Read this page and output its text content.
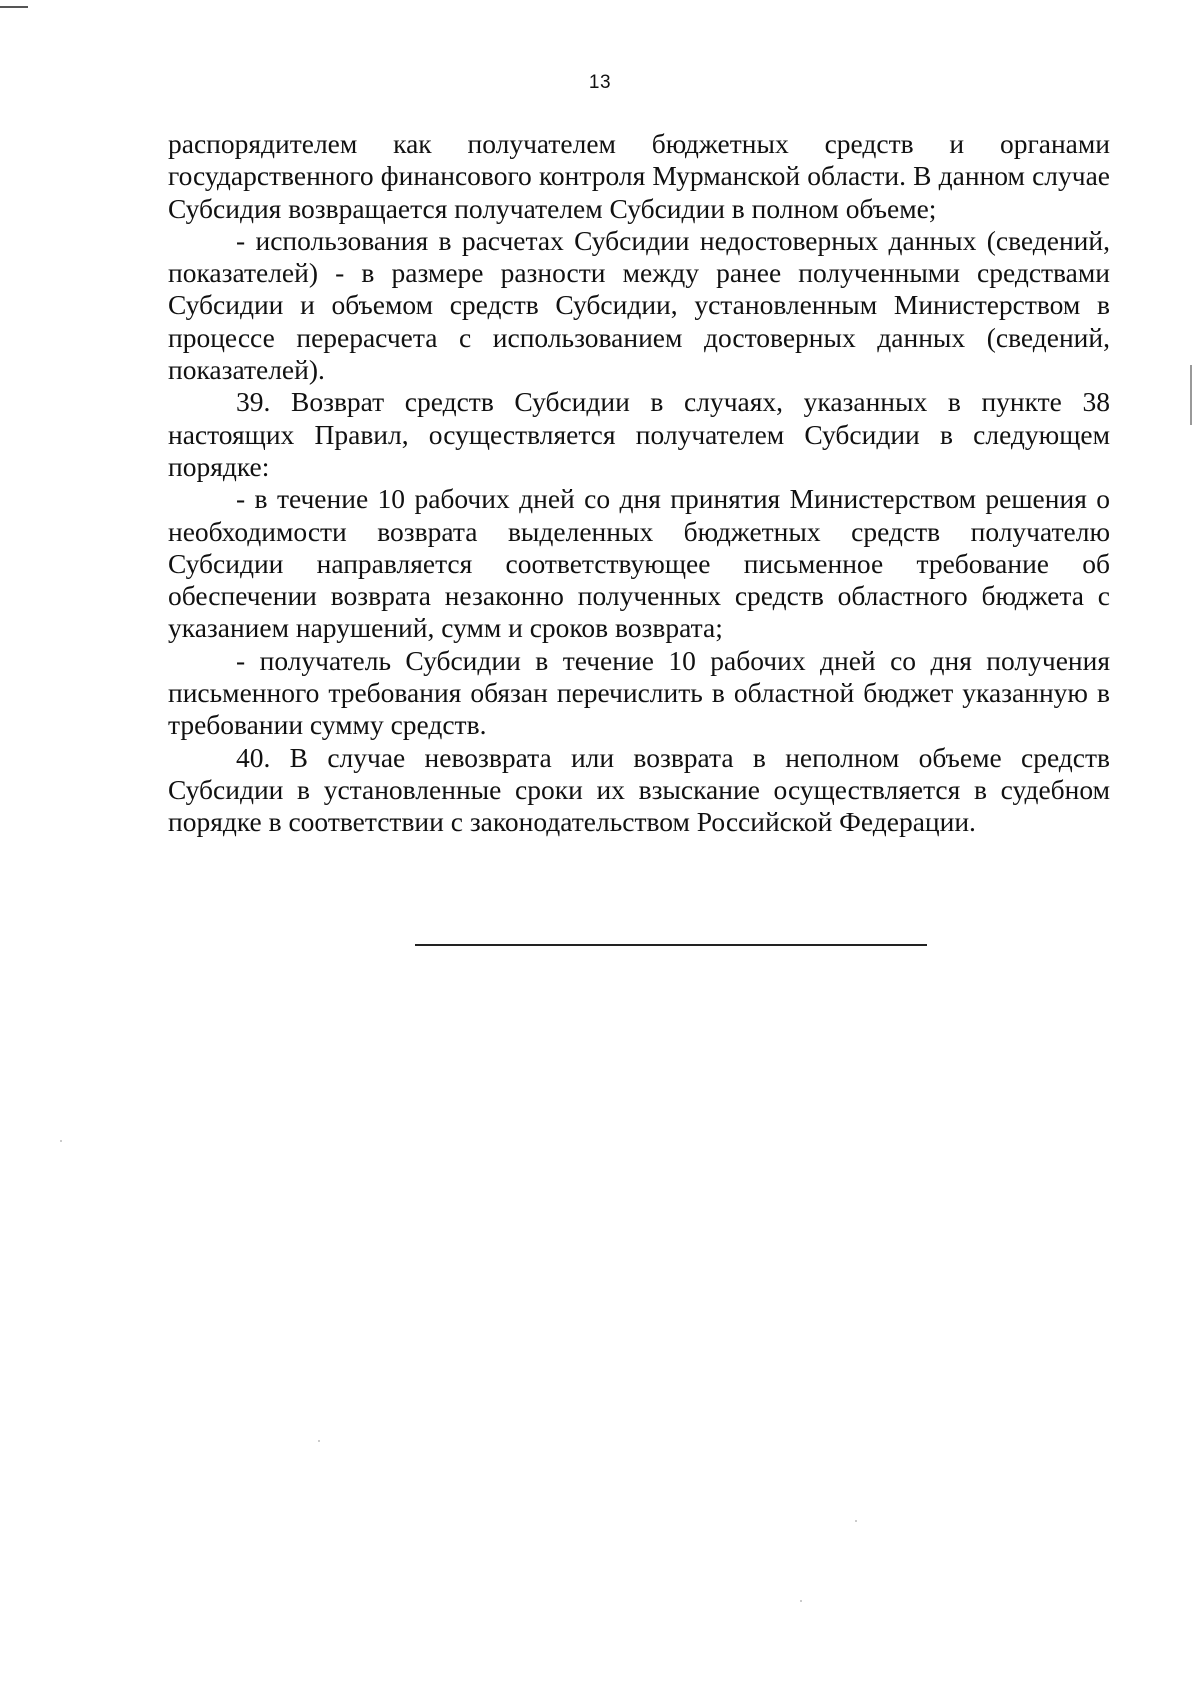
13

распорядителем как получателем бюджетных средств и органами государственного финансового контроля Мурманской области. В данном случае Субсидия возвращается получателем Субсидии в полном объеме;

- использования в расчетах Субсидии недостоверных данных (сведений, показателей) - в размере разности между ранее полученными средствами Субсидии и объемом средств Субсидии, установленным Министерством в процессе перерасчета с использованием достоверных данных (сведений, показателей).

39. Возврат средств Субсидии в случаях, указанных в пункте 38 настоящих Правил, осуществляется получателем Субсидии в следующем порядке:

- в течение 10 рабочих дней со дня принятия Министерством решения о необходимости возврата выделенных бюджетных средств получателю Субсидии направляется соответствующее письменное требование об обеспечении возврата незаконно полученных средств областного бюджета с указанием нарушений, сумм и сроков возврата;

- получатель Субсидии в течение 10 рабочих дней со дня получения письменного требования обязан перечислить в областной бюджет указанную в требовании сумму средств.

40. В случае невозврата или возврата в неполном объеме средств Субсидии в установленные сроки их взыскание осуществляется в судебном порядке в соответствии с законодательством Российской Федерации.
